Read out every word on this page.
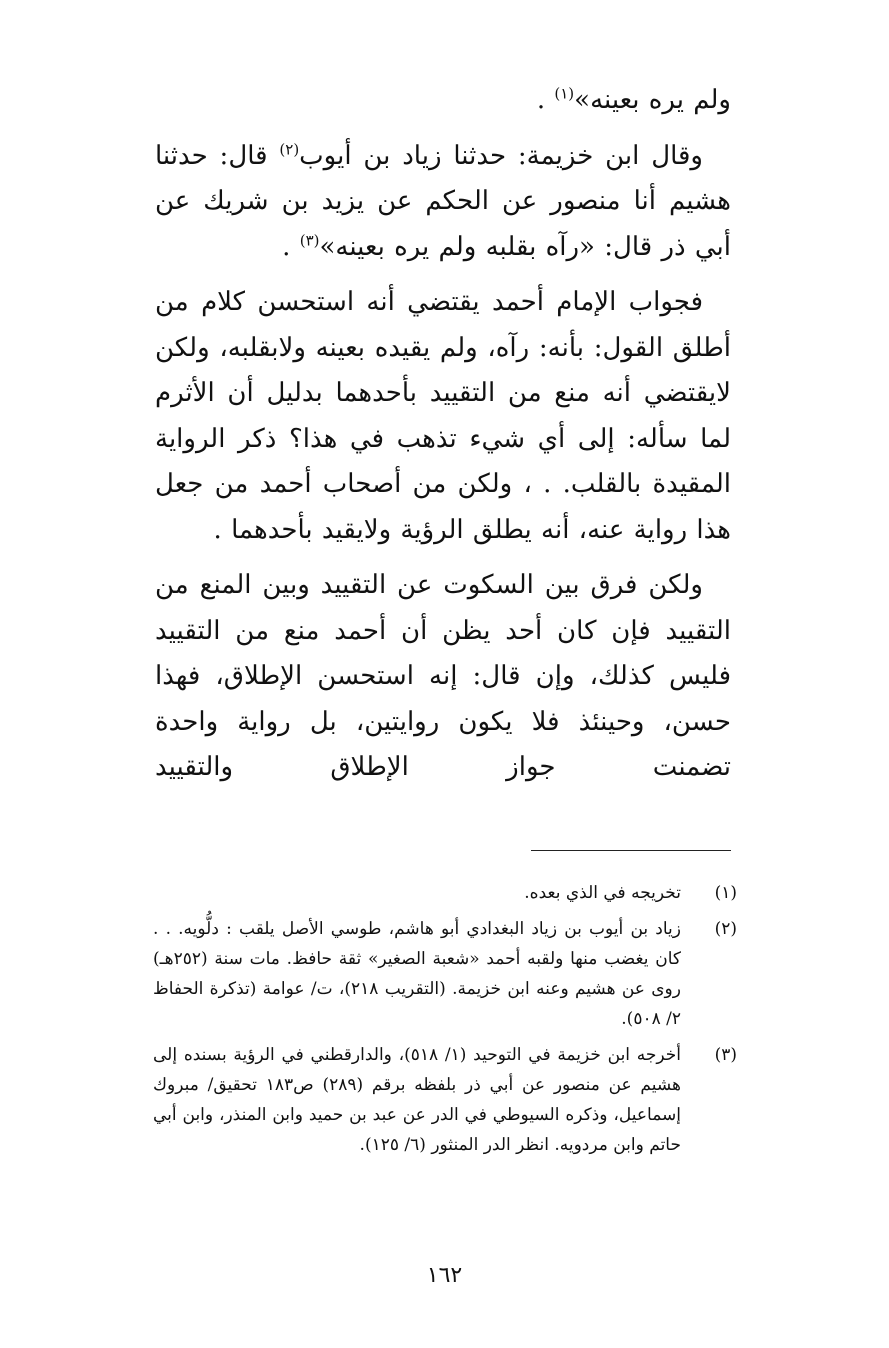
ولم يره بعينه»$^{(١)}$ .

وقال ابن خزيمة: حدثنا زياد بن أيوب$^{(٢)}$ قال: حدثنا هشيم أنا منصور عن الحكم عن يزيد بن شريك عن أبي ذر قال: «رآه بقلبه ولم يره بعينه»$^{(٣)}$ .

فجواب الإمام أحمد يقتضي أنه استحسن كلام من أطلق القول: بأنه: رآه، ولم يقيده بعينه ولابقلبه، ولكن لايقتضي أنه منع من التقييد بأحدهما بدليل أن الأثرم لما سأله: إلى أي شيء تذهب في هذا؟ ذكر الرواية المقيدة بالقلب. . ، ولكن من أصحاب أحمد من جعل هذا رواية عنه، أنه يطلق الرؤية ولايقيد بأحدهما .

ولكن فرق بين السكوت عن التقييد وبين المنع من التقييد فإن كان أحد يظن أن أحمد منع من التقييد فليس كذلك، وإن قال: إنه استحسن الإطلاق، فهذا حسن، وحينئذ فلا يكون روايتين، بل رواية واحدة تضمنت جواز الإطلاق والتقييد

(١)
تخريجه في الذي بعده.
(٢)
زياد بن أيوب بن زياد البغدادي أبو هاشم، طوسي الأصل يلقب : دلُّويه. . . كان يغضب منها ولقبه أحمد «شعبة الصغير» ثقة حافظ. مات سنة (٢٥٢هـ) روى عن هشيم وعنه ابن خزيمة. (التقريب ٢١٨)، ت/ عوامة (تذكرة الحفاظ ٢/ ٥٠٨).
(٣)
أخرجه ابن خزيمة في التوحيد (١/ ٥١٨)، والدارقطني في الرؤية بسنده إلى هشيم عن منصور عن أبي ذر بلفظه برقم (٢٨٩) ص١٨٣ تحقيق/ مبروك إسماعيل، وذكره السيوطي في الدر عن عبد بن حميد وابن المنذر، وابن أبي حاتم وابن مردويه. انظر الدر المنثور (٦/ ١٢٥).
١٦٢
